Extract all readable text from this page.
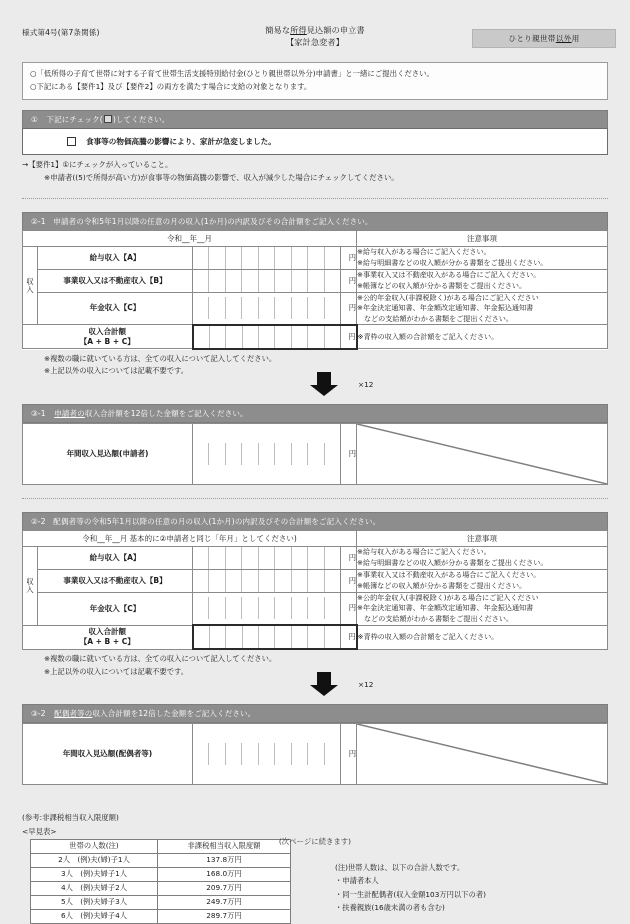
様式第4号(第7条関係)	簡易な所得見込額の申立書
【家計急変者】	ひとり親世帯 以外 用
○「低所得の子育て世帯に対する子育て世帯生活支援特別給付金(ひとり親世帯以外分)申請書」と一緒にご提出ください。
○下記にある【要件1】及び【要件2】の両方を満たす場合に支給の対象となります。
① 下記にチェック( )してください。
食事等の物価高騰の影響により、家計が急変しました。
→【要件1】①にチェックが入っていること。
※申請者((5)で所得が高い方)が食事等の物価高騰の影響で、収入が減少した場合にチェックしてください。
②-1　申請者の令和5年1月以降の任意の月の収入(1か月)の内訳及びその合計額をご記入ください。
令和__年__月				注意事項
収
入	給与収入【A】		円	※給与収入がある場合にご記入ください。
※給与明細書などの収入額が分かる書類をご提出ください。
	事業収入又は不動産収入【B】		円	※事業収入又は不動産収入がある場合にご記入ください。
※帳簿などの収入額が分かる書類をご提出ください。
	年金収入【C】		円	※公的年金収入(非課税除く)がある場合にご記入ください
※年金決定通知書、年金額改定通知書、年金振込通知書

などの支給額がわかる書類をご提出ください。

収入合計額
【A + B + C】			円	※青枠の収入額の合計額をご記入ください。
※複数の職に就いている方は、全ての収入について記入してください。
※上記以外の収入については記載不要です。
×12
③-1 申請者の収入合計額を12倍した金額をご記入ください。
年間収入見込額(申請者)		円	
②-2　配偶者等の令和5年1月以降の任意の月の収入(1か月)の内訳及びその合計額をご記入ください。
令和__年__月 基本的に②申請者と同じ「年月」としてください)				注意事項
収
入	給与収入【A】		円	※給与収入がある場合にご記入ください。
※給与明細書などの収入額が分かる書類をご提出ください。
	事業収入又は不動産収入【B】		円	※事業収入又は不動産収入がある場合にご記入ください。
※帳簿などの収入額が分かる書類をご提出ください。
	年金収入【C】		円	※公的年金収入(非課税除く)がある場合にご記入ください
※年金決定通知書、年金額改定通知書、年金振込通知書

などの支給額がわかる書類をご提出ください。

収入合計額
【A + B + C】			円	※青枠の収入額の合計額をご記入ください。
※複数の職に就いている方は、全ての収入について記入してください。
※上記以外の収入については記載不要です。
×12
③-2 配偶者等の収入合計額を12倍した金額をご記入ください。
年間収入見込額(配偶者等)		円	
(参考:非課税相当収入限度額)
<早見表>
世帯の人数(注)	非課税相当収入限度額
2人　(例)夫(婦)子1人	137.8万円
3人　(例)夫婦子1人	168.0万円
4人　(例)夫婦子2人	209.7万円
5人　(例)夫婦子3人	249.7万円
6人　(例)夫婦子4人	289.7万円
(注)世帯人数は、以下の合計人数です。
・申請者本人
・同一生計配偶者(収入金額103万円以下の者)
・扶養親族(16歳未満の者も含む)
(次ページに続きます)
